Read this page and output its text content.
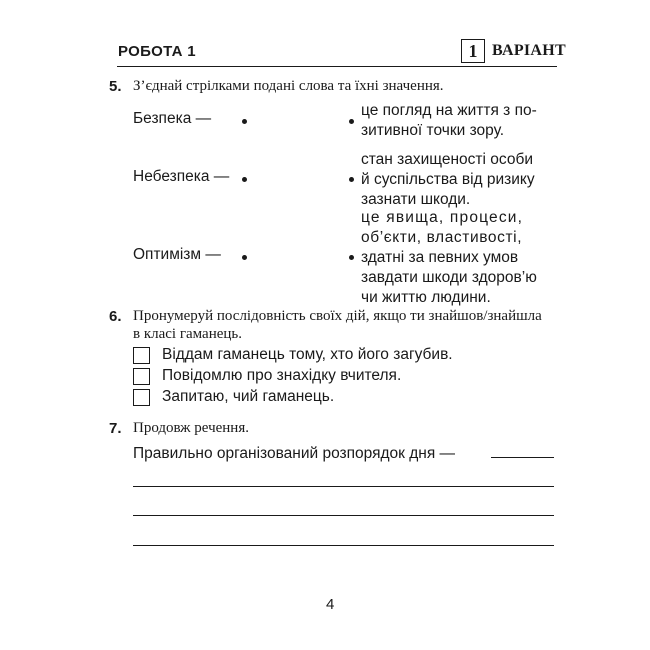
РОБОТА 1	1 ВАРІАНТ
5. З’єднай стрілками подані слова та їхні значення.
Безпека —
Небезпека —
Оптимізм —
це погляд на життя з по-
зитивної точки зору.
стан захищеності особи
й суспільства від ризику
зазнати шкоди.
це явища, процеси,
об’єкти, властивості,
здатні за певних умов
завдати шкоди здоров’ю
чи життю людини.
6. Пронумеруй послідовність своїх дій, якщо ти знайшов/знайшла
в класі гаманець.
Віддам гаманець тому, хто його загубив.
Повідомлю про знахідку вчителя.
Запитаю, чий гаманець.
7. Продовж речення.
Правильно організований розпорядок дня —
4
